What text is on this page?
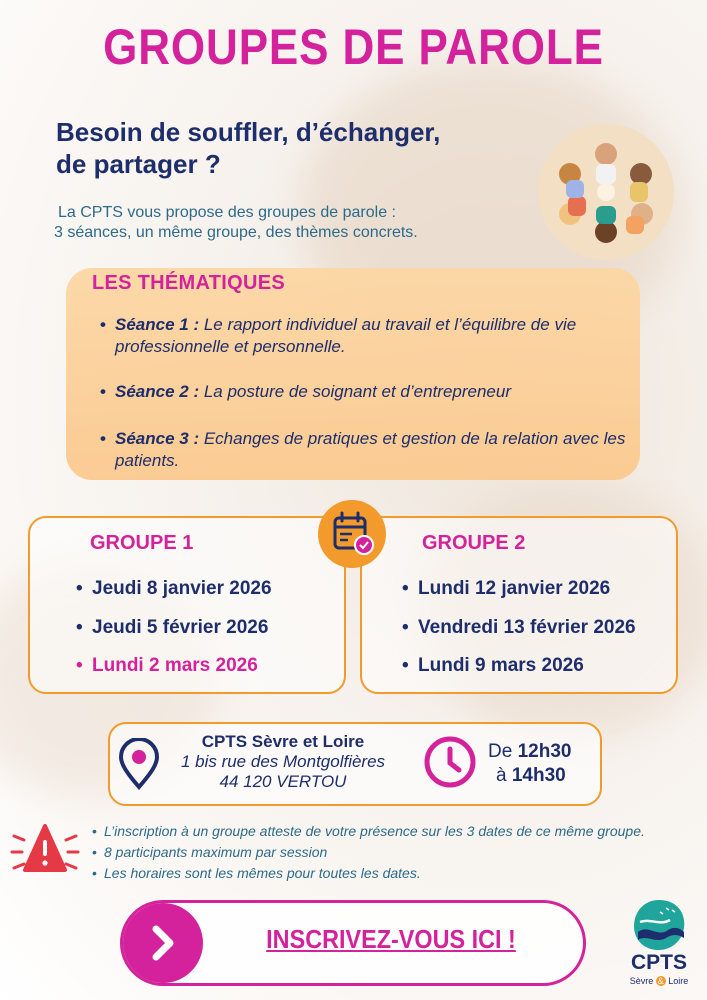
GROUPES DE PAROLE
Besoin de souffler, d’échanger,
de partager ?
La CPTS vous propose des groupes de parole :
3 séances, un même groupe, des thèmes concrets.
LES THÉMATIQUES
• Séance 1 : Le rapport individuel au travail et l’équilibre de vie professionnelle et personnelle.
• Séance 2 : La posture de soignant et d’entrepreneur
• Séance 3 : Echanges de pratiques et gestion de la relation avec les patients.
GROUPE 1
• Jeudi 8 janvier 2026
• Jeudi 5 février 2026
• Lundi 2 mars 2026
GROUPE 2
• Lundi 12 janvier 2026
• Vendredi 13 février 2026
• Lundi 9 mars 2026
CPTS Sèvre et Loire
1 bis rue des Montgolfières
44 120 VERTOU
De 12h30
à 14h30
• L’inscription à un groupe atteste de votre présence sur les 3 dates de ce même groupe.
• 8 participants maximum par session
• Les horaires sont les mêmes pour toutes les dates.
INSCRIVEZ-VOUS ICI !
CPTS
Sèvre & Loire
